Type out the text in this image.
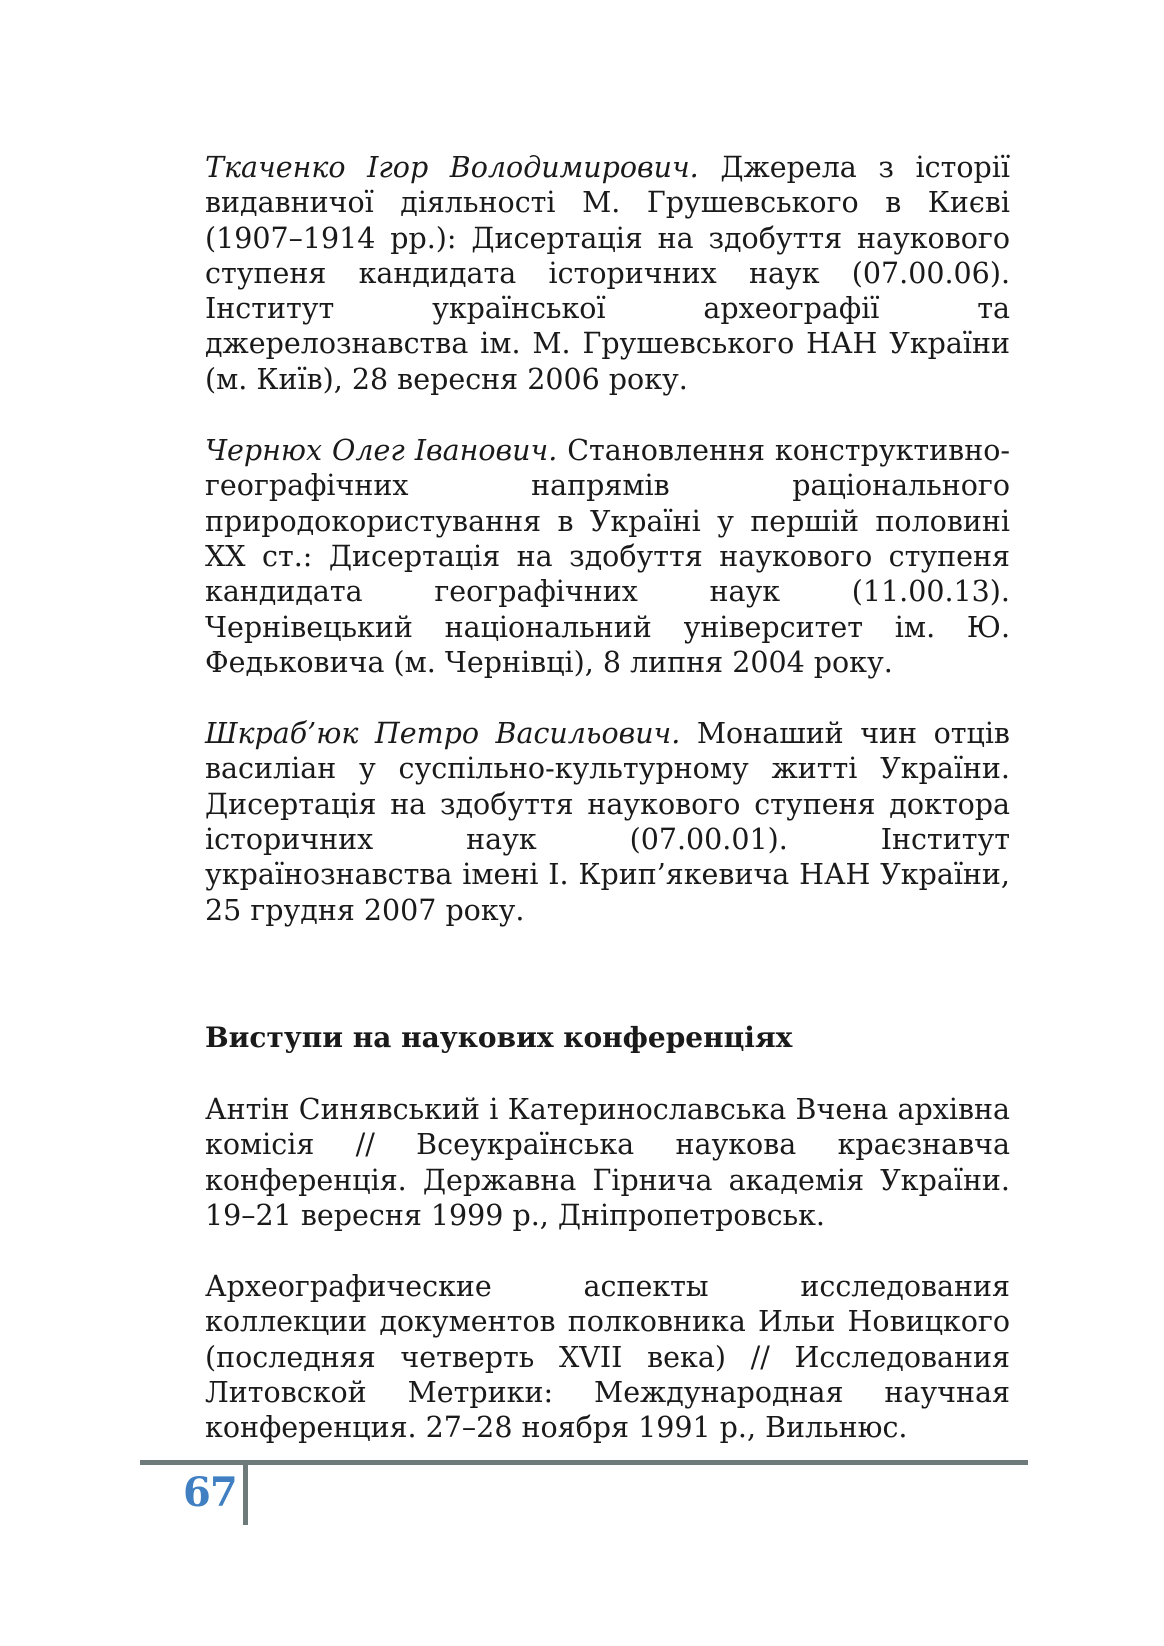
Ткаченко Ігор Володимирович. Джерела з історії видавничої діяльності М. Грушевського в Києві (1907–1914 рр.): Дисертація на здобуття наукового ступеня кандидата історичних наук (07.00.06). Інститут української археографії та джерелознавства ім. М. Грушевського НАН України (м. Київ), 28 вересня 2006 року.

Чернюх Олег Іванович. Становлення конструктивно-географічних напрямів раціонального природокористування в Україні у першій половині ХХ ст.: Дисертація на здобуття наукового ступеня кандидата географічних наук (11.00.13). Чернівецький національний університет ім. Ю. Федьковича (м. Чернівці), 8 липня 2004 року.

Шкраб’юк Петро Васильович. Монаший чин отців василіан у суспільно-культурному житті України. Дисертація на здобуття наукового ступеня доктора історичних наук (07.00.01). Інститут українознавства імені І. Крип’якевича НАН України, 25 грудня 2007 року.

Виступи на наукових конференціях

Антін Синявський і Катеринославська Вчена архівна комісія // Всеукраїнська наукова краєзнавча конференція. Державна Гірнича академія України. 19–21 вересня 1999 р., Дніпропетровськ.

Археографические аспекты исследования коллекции документов полковника Ильи Новицкого (последняя четверть XVII века) // Исследования Литовской Метрики: Международная научная конференция. 27–28 ноября 1991 р., Вильнюс.

67
